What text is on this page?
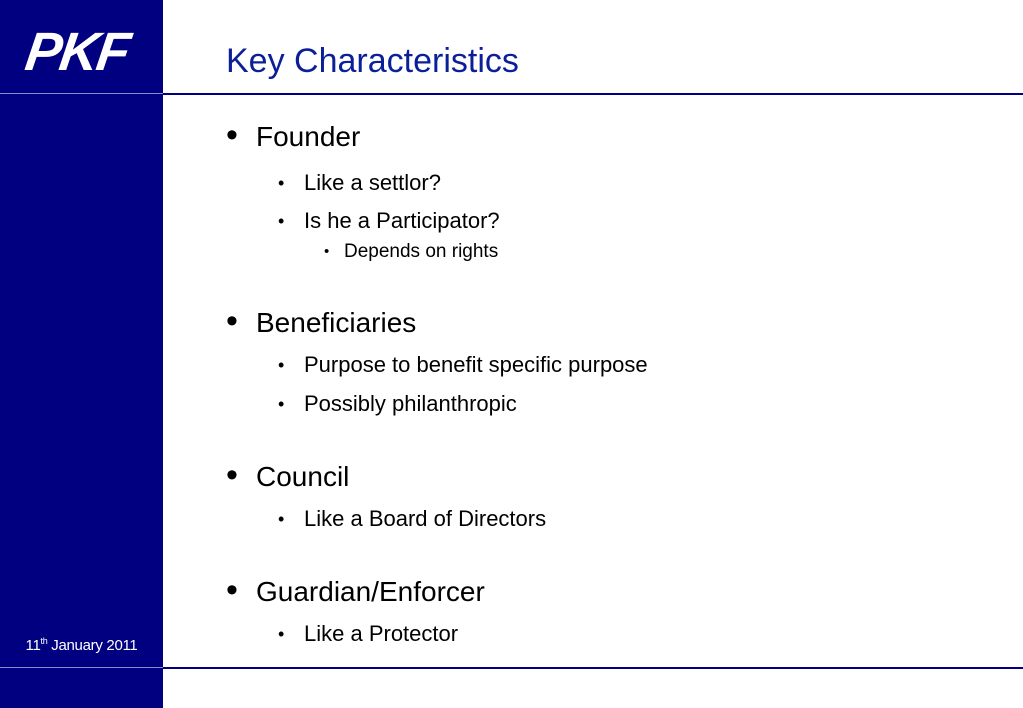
PKF
11th January 2011
Key Characteristics
• Founder
• Like a settlor?
• Is he a Participator?
• Depends on rights
• Beneficiaries
• Purpose to benefit specific purpose
• Possibly philanthropic
• Council
• Like a Board of Directors
• Guardian/Enforcer
• Like a Protector
